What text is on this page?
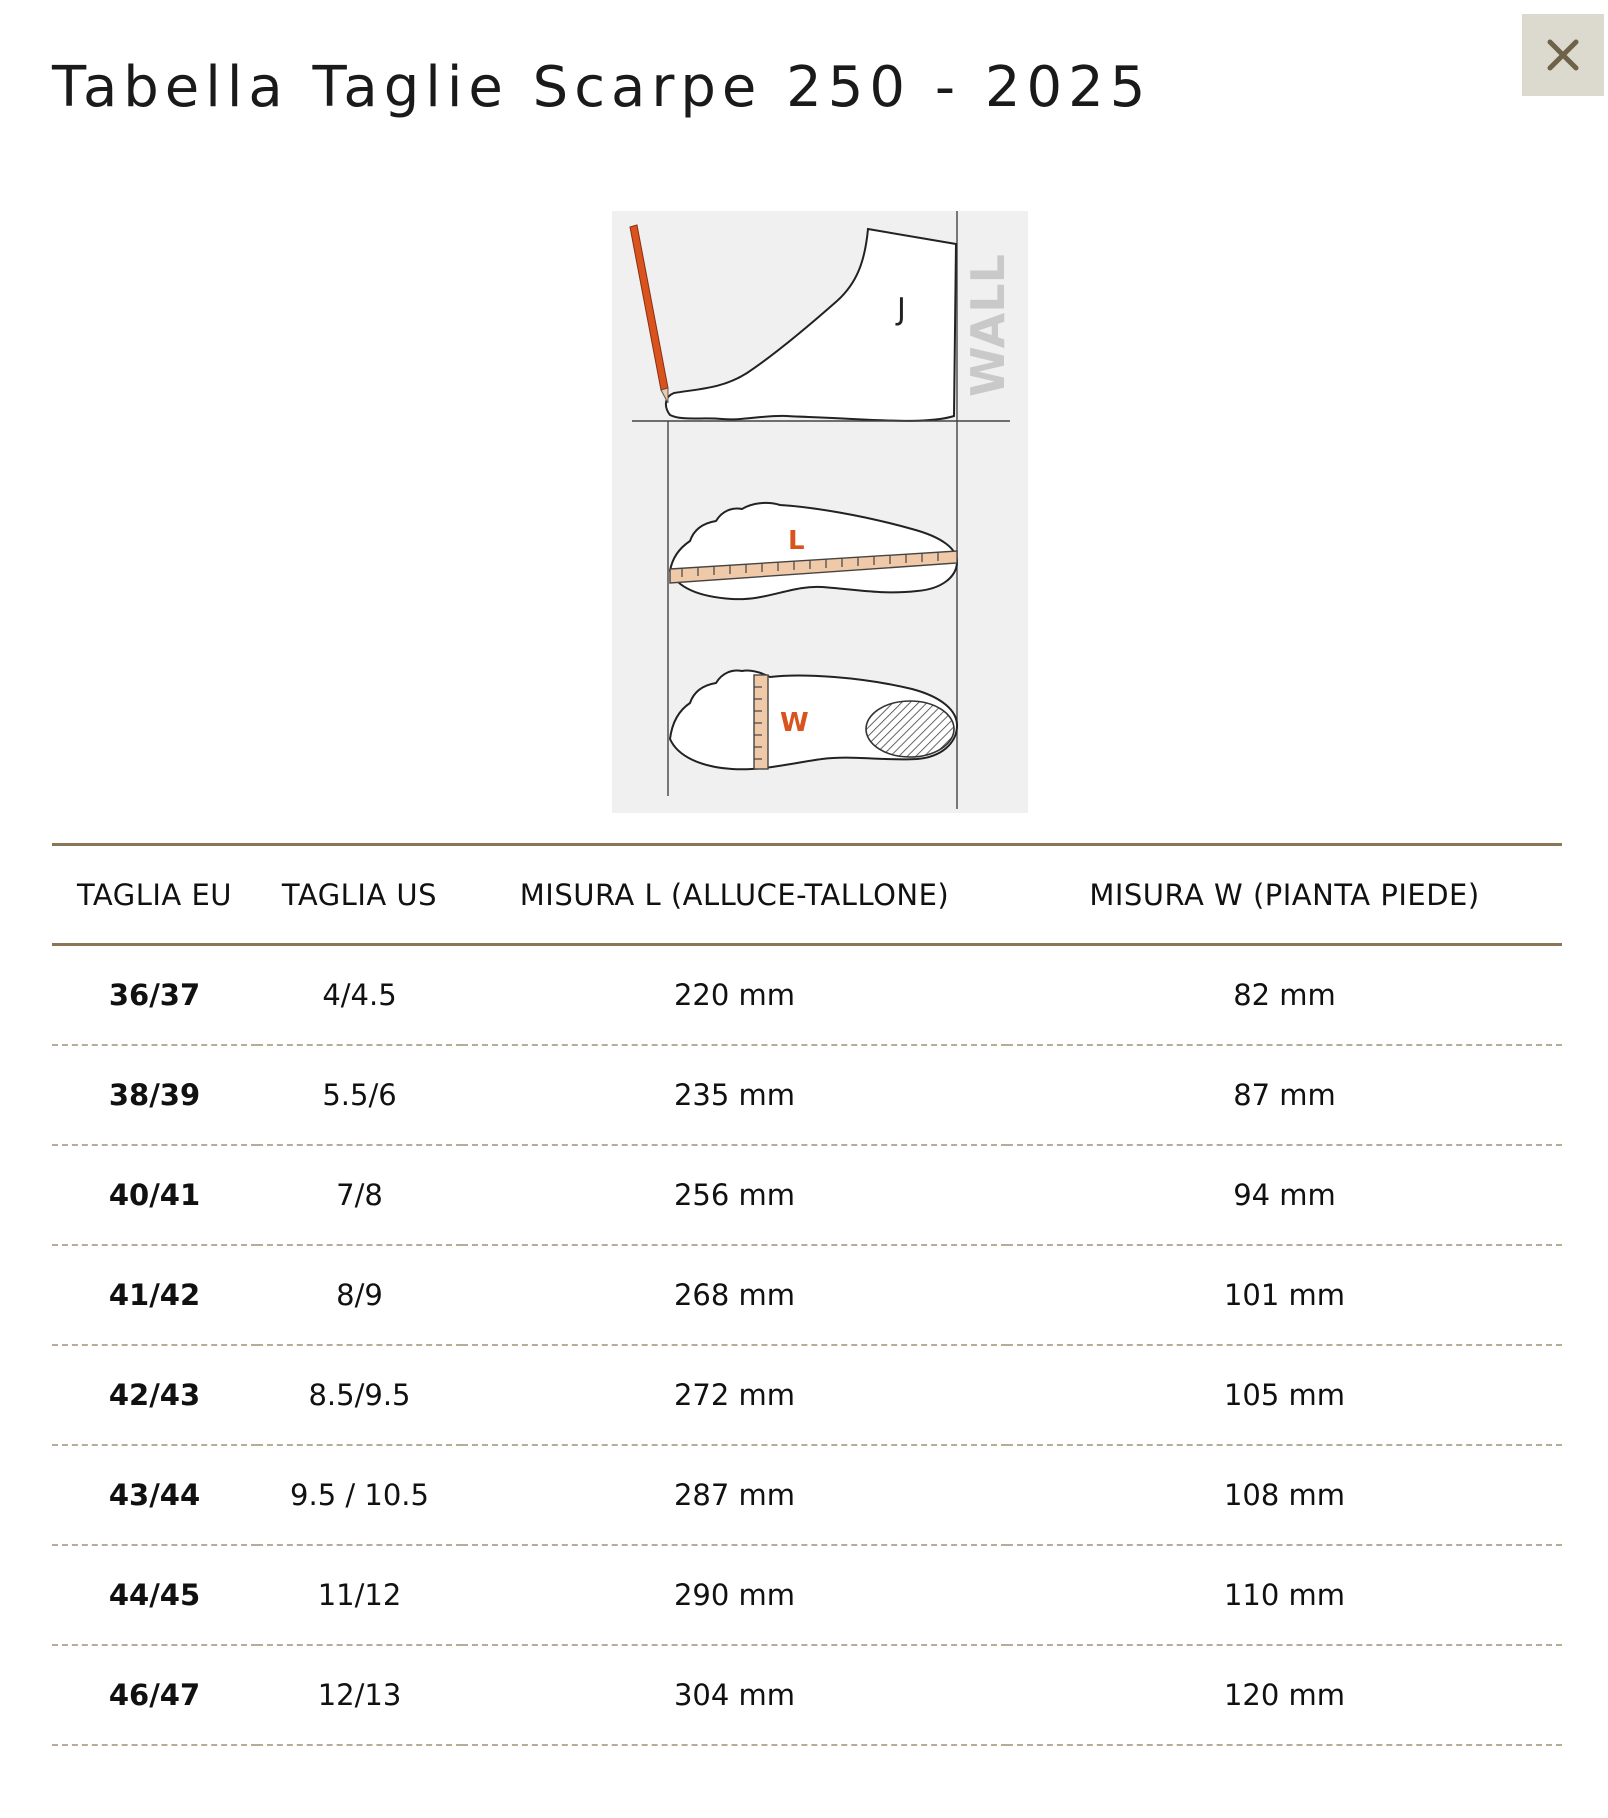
Tabella Taglie Scarpe 250 - 2025
WALL
J
L
W
TAGLIA EU	TAGLIA US	MISURA L (ALLUCE-TALLONE)	MISURA W (PIANTA PIEDE)
36/37	4/4.5	220 mm	82 mm
38/39	5.5/6	235 mm	87 mm
40/41	7/8	256 mm	94 mm
41/42	8/9	268 mm	101 mm
42/43	8.5/9.5	272 mm	105 mm
43/44	9.5 / 10.5	287 mm	108 mm
44/45	11/12	290 mm	110 mm
46/47	12/13	304 mm	120 mm
